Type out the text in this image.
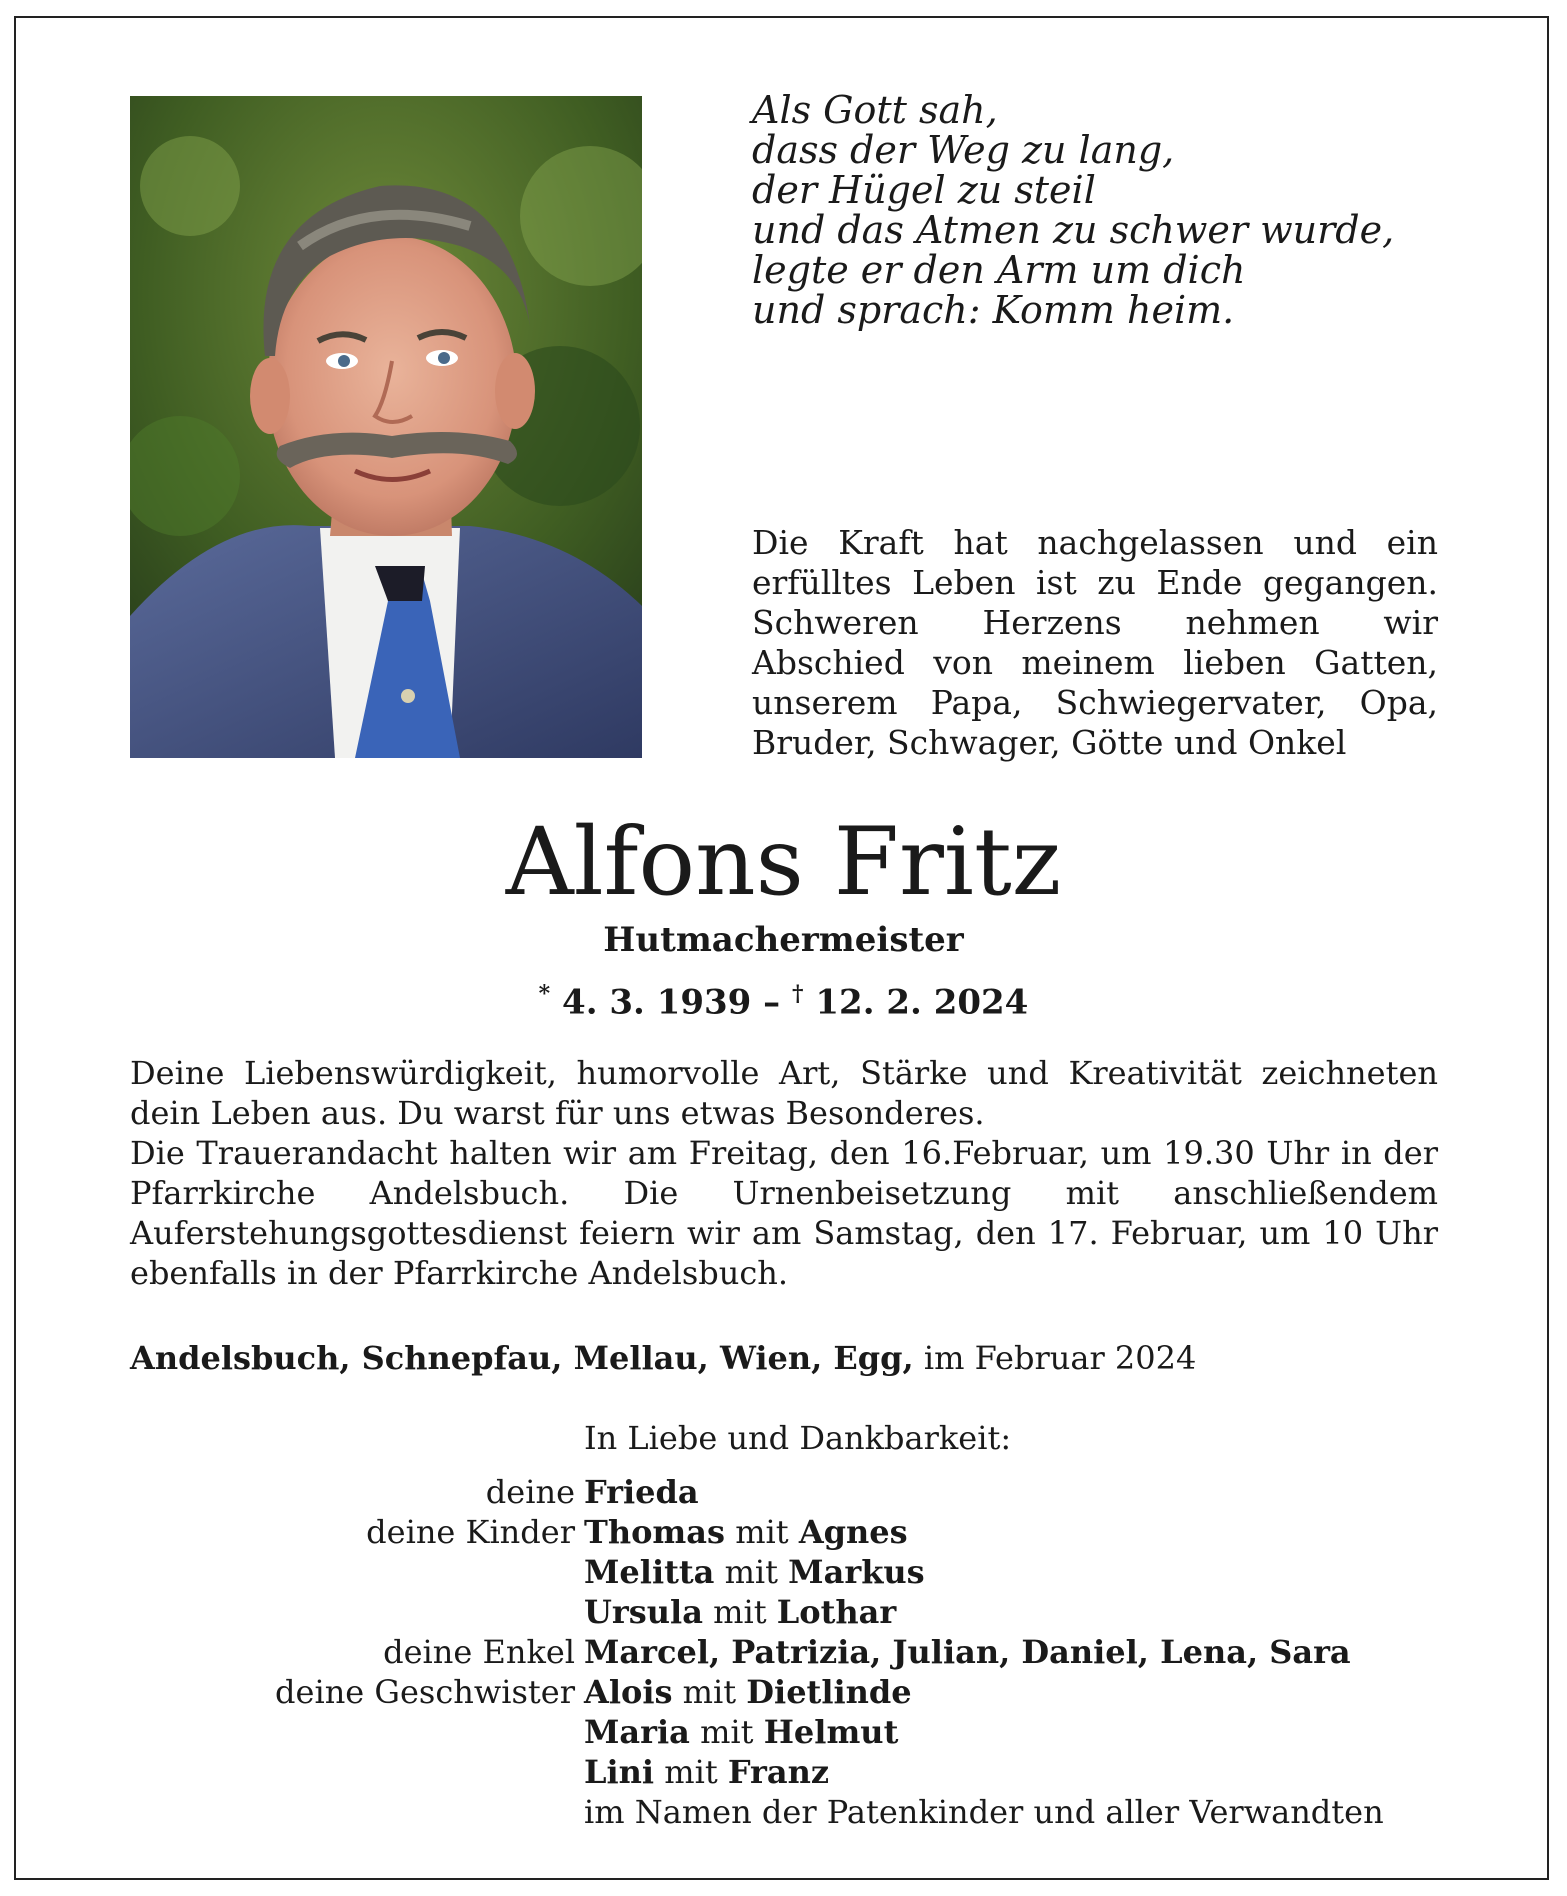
Als Gott sah,
dass der Weg zu lang,
der Hügel zu steil
und das Atmen zu schwer wurde,
legte er den Arm um dich
und sprach: Komm heim.
Die Kraft hat nachgelassen und ein erfülltes Leben ist zu Ende gegangen. Schweren Herzens nehmen wir Abschied von meinem lieben Gatten, unserem Papa, Schwiegervater, Opa, Bruder, Schwager, Götte und Onkel
Alfons Fritz
Hutmachermeister
* 4. 3. 1939 – † 12. 2. 2024

Deine Liebenswürdigkeit, humorvolle Art, Stärke und Kreativität zeichneten dein Leben aus. Du warst für uns etwas Besonderes.

Die Trauerandacht halten wir am Freitag, den 16.Februar, um 19.30 Uhr in der Pfarrkirche Andelsbuch. Die Urnenbeisetzung mit anschließendem Auferstehungsgottesdienst feiern wir am Samstag, den 17. Februar, um 10 Uhr ebenfalls in der Pfarrkirche Andelsbuch.

Andelsbuch, Schnepfau, Mellau, Wien, Egg, im Februar 2024
In Liebe und Dankbarkeit:
deine Frieda
deine Kinder Thomas mit Agnes
Melitta mit Markus
Ursula mit Lothar
deine Enkel Marcel, Patrizia, Julian, Daniel, Lena, Sara
deine Geschwister Alois mit Dietlinde
Maria mit Helmut
Lini mit Franz
im Namen der Patenkinder und aller Verwandten
